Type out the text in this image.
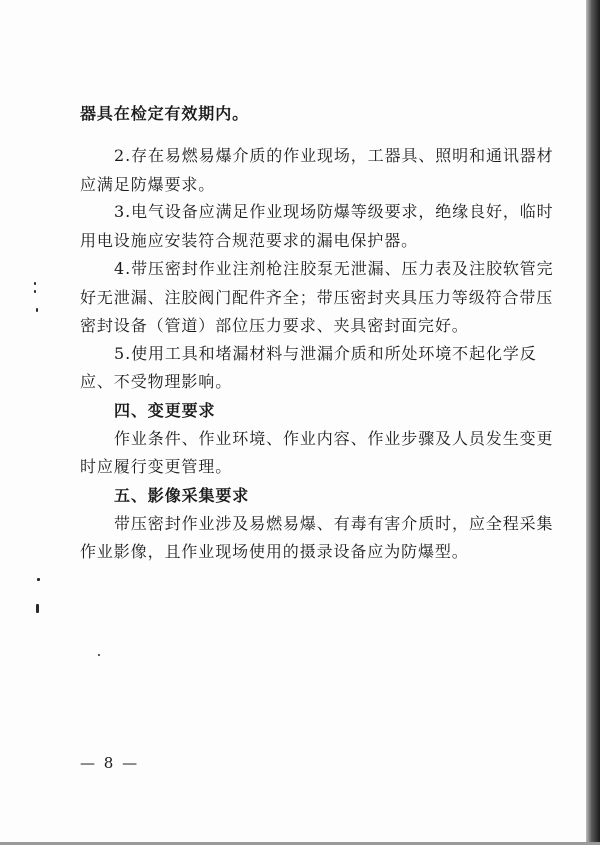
器具在检定有效期内。
2.存在易燃易爆介质的作业现场，工器具、照明和通讯器材
应满足防爆要求。
3.电气设备应满足作业现场防爆等级要求，绝缘良好，临时
用电设施应安装符合规范要求的漏电保护器。
4.带压密封作业注剂枪注胶泵无泄漏、压力表及注胶软管完
好无泄漏、注胶阀门配件齐全；带压密封夹具压力等级符合带压
密封设备（管道）部位压力要求、夹具密封面完好。
5.使用工具和堵漏材料与泄漏介质和所处环境不起化学反
应、不受物理影响。
四、变更要求
作业条件、作业环境、作业内容、作业步骤及人员发生变更
时应履行变更管理。
五、影像采集要求
带压密封作业涉及易燃易爆、有毒有害介质时，应全程采集
作业影像，且作业现场使用的摄录设备应为防爆型。
— 8 —
